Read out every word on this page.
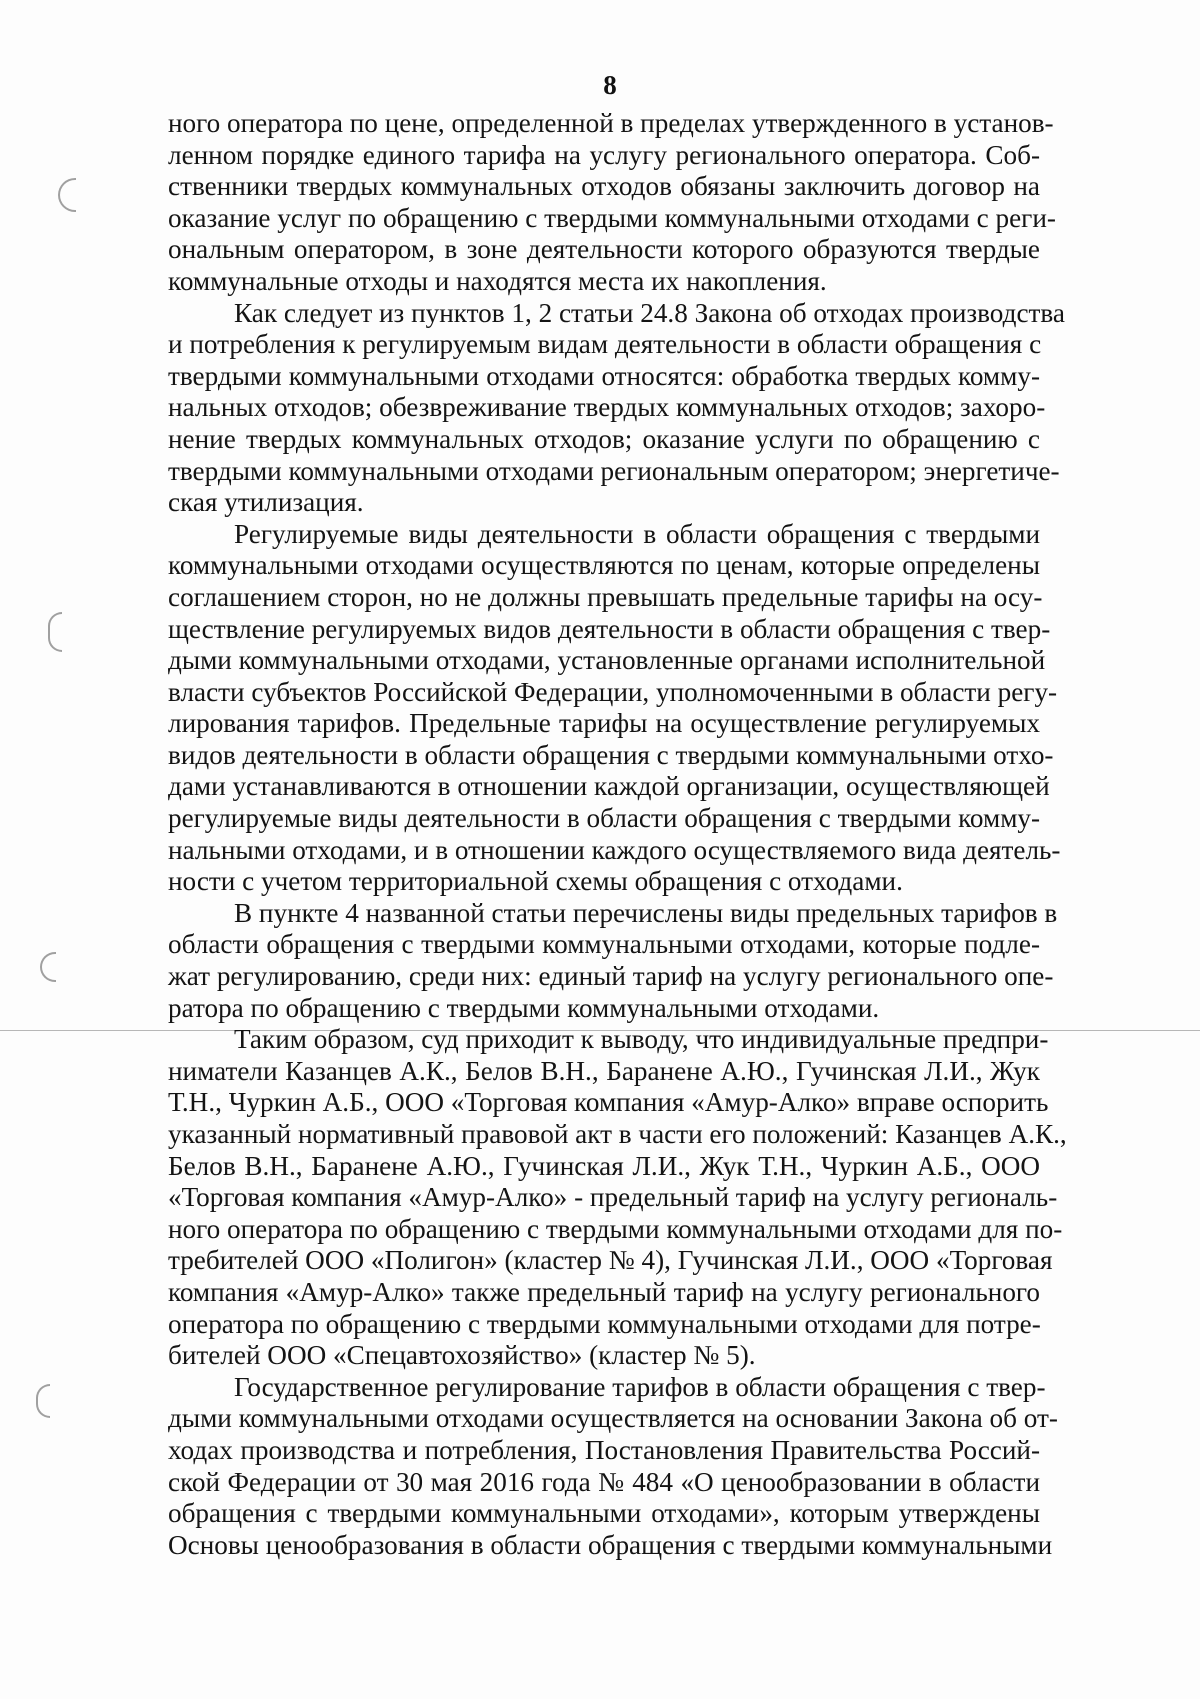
8
ного оператора по цене, определенной в пределах утвержденного в установ-
ленном порядке единого тарифа на услугу регионального оператора. Соб-
ственники твердых коммунальных отходов обязаны заключить договор на
оказание услуг по обращению с твердыми коммунальными отходами с реги-
ональным оператором, в зоне деятельности которого образуются твердые
коммунальные отходы и находятся места их накопления.
Как следует из пунктов 1, 2 статьи 24.8 Закона об отходах производства
и потребления к регулируемым видам деятельности в области обращения с
твердыми коммунальными отходами относятся: обработка твердых комму-
нальных отходов; обезвреживание твердых коммунальных отходов; захоро-
нение твердых коммунальных отходов; оказание услуги по обращению с
твердыми коммунальными отходами региональным оператором; энергетиче-
ская утилизация.
Регулируемые виды деятельности в области обращения с твердыми
коммунальными отходами осуществляются по ценам, которые определены
соглашением сторон, но не должны превышать предельные тарифы на осу-
ществление регулируемых видов деятельности в области обращения с твер-
дыми коммунальными отходами, установленные органами исполнительной
власти субъектов Российской Федерации, уполномоченными в области регу-
лирования тарифов. Предельные тарифы на осуществление регулируемых
видов деятельности в области обращения с твердыми коммунальными отхо-
дами устанавливаются в отношении каждой организации, осуществляющей
регулируемые виды деятельности в области обращения с твердыми комму-
нальными отходами, и в отношении каждого осуществляемого вида деятель-
ности с учетом территориальной схемы обращения с отходами.
В пункте 4 названной статьи перечислены виды предельных тарифов в
области обращения с твердыми коммунальными отходами, которые подле-
жат регулированию, среди них: единый тариф на услугу регионального опе-
ратора по обращению с твердыми коммунальными отходами.
Таким образом, суд приходит к выводу, что индивидуальные предпри-
ниматели Казанцев А.К., Белов В.Н., Баранене А.Ю., Гучинская Л.И., Жук
Т.Н., Чуркин А.Б., ООО «Торговая компания «Амур-Алко» вправе оспорить
указанный нормативный правовой акт в части его положений: Казанцев А.К.,
Белов В.Н., Баранене А.Ю., Гучинская Л.И., Жук Т.Н., Чуркин А.Б., ООО
«Торговая компания «Амур-Алко» - предельный тариф на услугу региональ-
ного оператора по обращению с твердыми коммунальными отходами для по-
требителей ООО «Полигон» (кластер № 4), Гучинская Л.И., ООО «Торговая
компания «Амур-Алко» также предельный тариф на услугу регионального
оператора по обращению с твердыми коммунальными отходами для потре-
бителей ООО «Спецавтохозяйство» (кластер № 5).
Государственное регулирование тарифов в области обращения с твер-
дыми коммунальными отходами осуществляется на основании Закона об от-
ходах производства и потребления, Постановления Правительства Россий-
ской Федерации от 30 мая 2016 года № 484 «О ценообразовании в области
обращения с твердыми коммунальными отходами», которым утверждены
Основы ценообразования в области обращения с твердыми коммунальными
